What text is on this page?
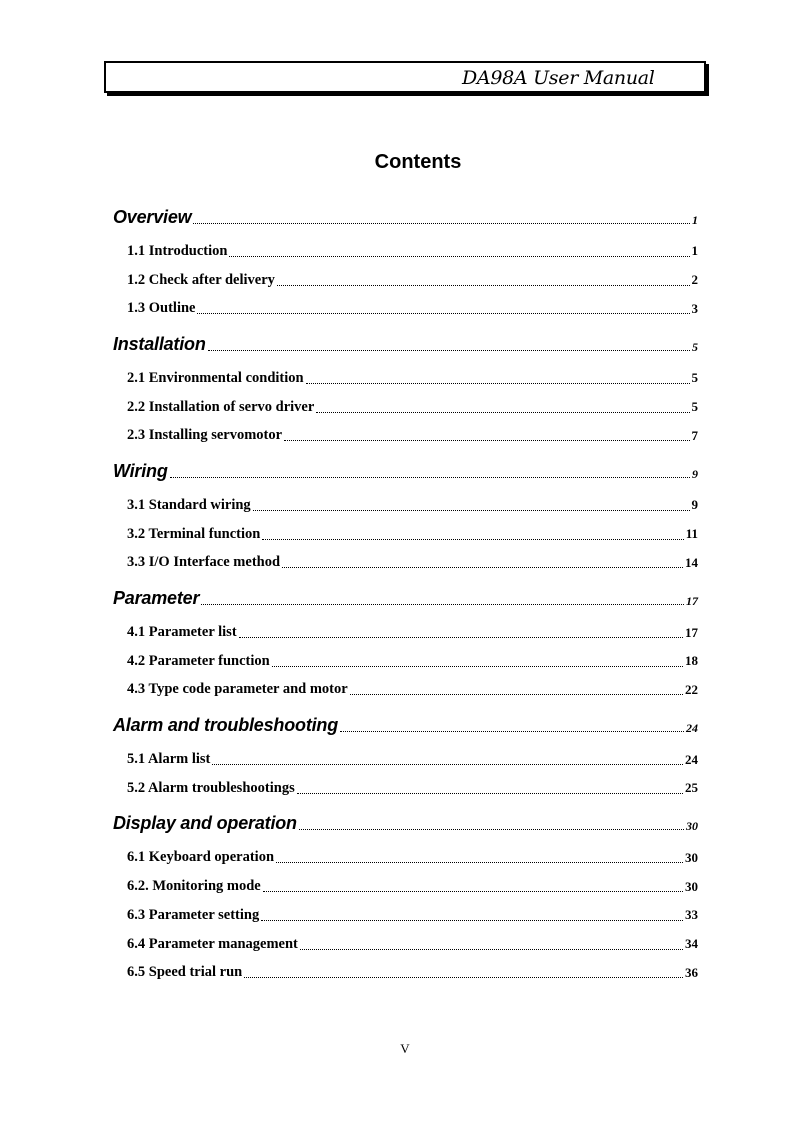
DA98A User Manual
Contents
Overview	1
1.1 Introduction	1
1.2 Check after delivery	2
1.3 Outline	3
Installation	5
2.1 Environmental condition	5
2.2 Installation of servo driver	5
2.3 Installing servomotor	7
Wiring	9
3.1 Standard wiring	9
3.2 Terminal function	11
3.3 I/O Interface method	14
Parameter	17
4.1 Parameter list	17
4.2 Parameter function	18
4.3 Type code parameter and motor	22
Alarm and troubleshooting	24
5.1 Alarm list	24
5.2 Alarm troubleshootings	25
Display and operation	30
6.1 Keyboard operation	30
6.2. Monitoring mode	30
6.3 Parameter setting	33
6.4 Parameter management	34
6.5 Speed trial run	36
V
